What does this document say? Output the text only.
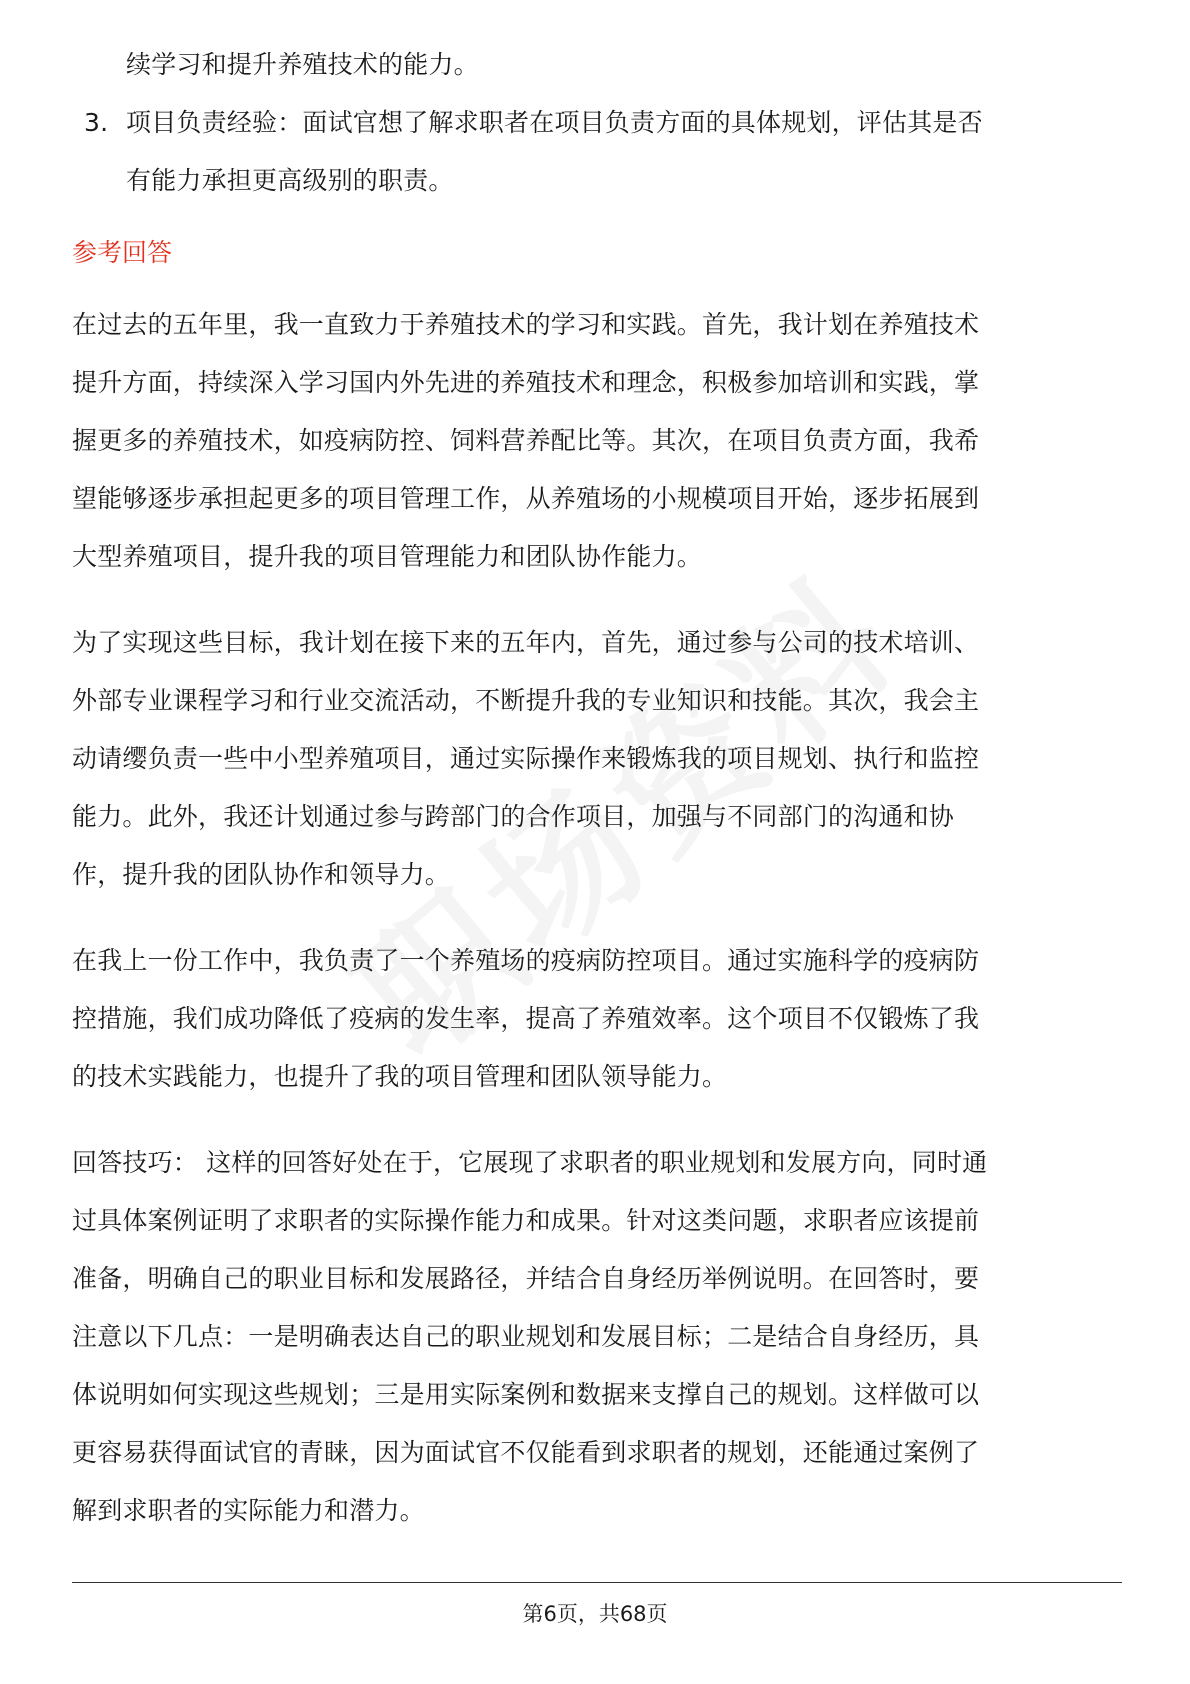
续学习和提升养殖技术的能力。
3. 项目负责经验：面试官想了解求职者在项目负责方面的具体规划，评估其是否
有能力承担更高级别的职责。
参考回答
在过去的五年里，我一直致力于养殖技术的学习和实践。首先，我计划在养殖技术
提升方面，持续深入学习国内外先进的养殖技术和理念，积极参加培训和实践，掌
握更多的养殖技术，如疫病防控、饲料营养配比等。其次，在项目负责方面，我希
望能够逐步承担起更多的项目管理工作，从养殖场的小规模项目开始，逐步拓展到
大型养殖项目，提升我的项目管理能力和团队协作能力。
为了实现这些目标，我计划在接下来的五年内，首先，通过参与公司的技术培训、
外部专业课程学习和行业交流活动，不断提升我的专业知识和技能。其次，我会主
动请缨负责一些中小型养殖项目，通过实际操作来锻炼我的项目规划、执行和监控
能力。此外，我还计划通过参与跨部门的合作项目，加强与不同部门的沟通和协
作，提升我的团队协作和领导力。
在我上一份工作中，我负责了一个养殖场的疫病防控项目。通过实施科学的疫病防
控措施，我们成功降低了疫病的发生率，提高了养殖效率。这个项目不仅锻炼了我
的技术实践能力，也提升了我的项目管理和团队领导能力。
回答技巧： 这样的回答好处在于，它展现了求职者的职业规划和发展方向，同时通
过具体案例证明了求职者的实际操作能力和成果。针对这类问题，求职者应该提前
准备，明确自己的职业目标和发展路径，并结合自身经历举例说明。在回答时，要
注意以下几点：一是明确表达自己的职业规划和发展目标；二是结合自身经历，具
体说明如何实现这些规划；三是用实际案例和数据来支撑自己的规划。这样做可以
更容易获得面试官的青睐，因为面试官不仅能看到求职者的规划，还能通过案例了
解到求职者的实际能力和潜力。
第6页，共68页
